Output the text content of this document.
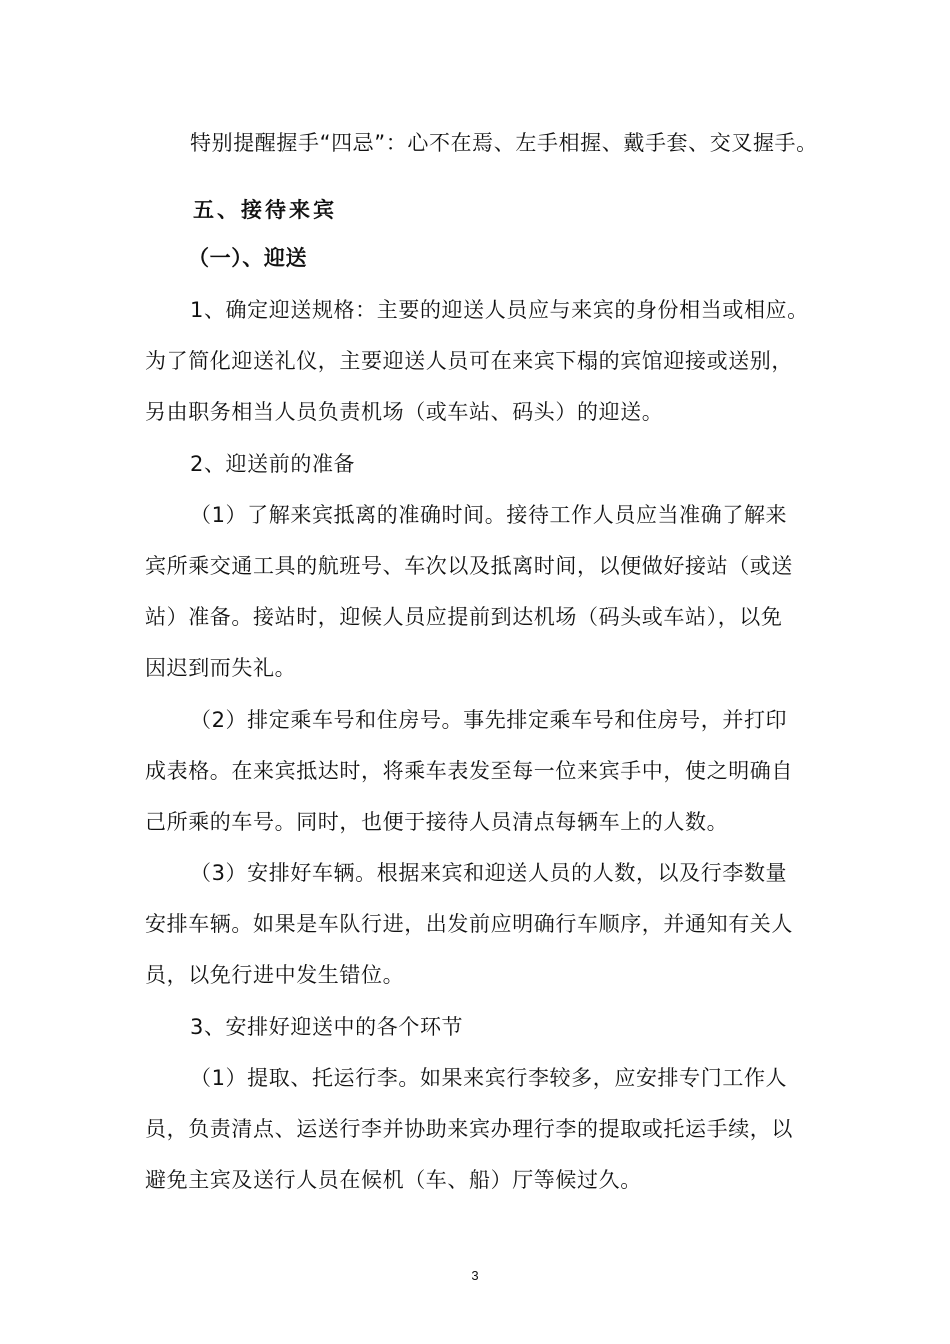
特别提醒握手“四忌”：心不在焉、左手相握、戴手套、交叉握手。
五、接待来宾
（一）、迎送
1、确定迎送规格：主要的迎送人员应与来宾的身份相当或相应。
为了简化迎送礼仪，主要迎送人员可在来宾下榻的宾馆迎接或送别，
另由职务相当人员负责机场（或车站、码头）的迎送。
2、迎送前的准备
（1）了解来宾抵离的准确时间。接待工作人员应当准确了解来
宾所乘交通工具的航班号、车次以及抵离时间，以便做好接站（或送
站）准备。接站时，迎候人员应提前到达机场（码头或车站），以免
因迟到而失礼。
（2）排定乘车号和住房号。事先排定乘车号和住房号，并打印
成表格。在来宾抵达时，将乘车表发至每一位来宾手中，使之明确自
己所乘的车号。同时，也便于接待人员清点每辆车上的人数。
（3）安排好车辆。根据来宾和迎送人员的人数，以及行李数量
安排车辆。如果是车队行进，出发前应明确行车顺序，并通知有关人
员，以免行进中发生错位。
3、安排好迎送中的各个环节
（1）提取、托运行李。如果来宾行李较多，应安排专门工作人
员，负责清点、运送行李并协助来宾办理行李的提取或托运手续，以
避免主宾及送行人员在候机（车、船）厅等候过久。
3
